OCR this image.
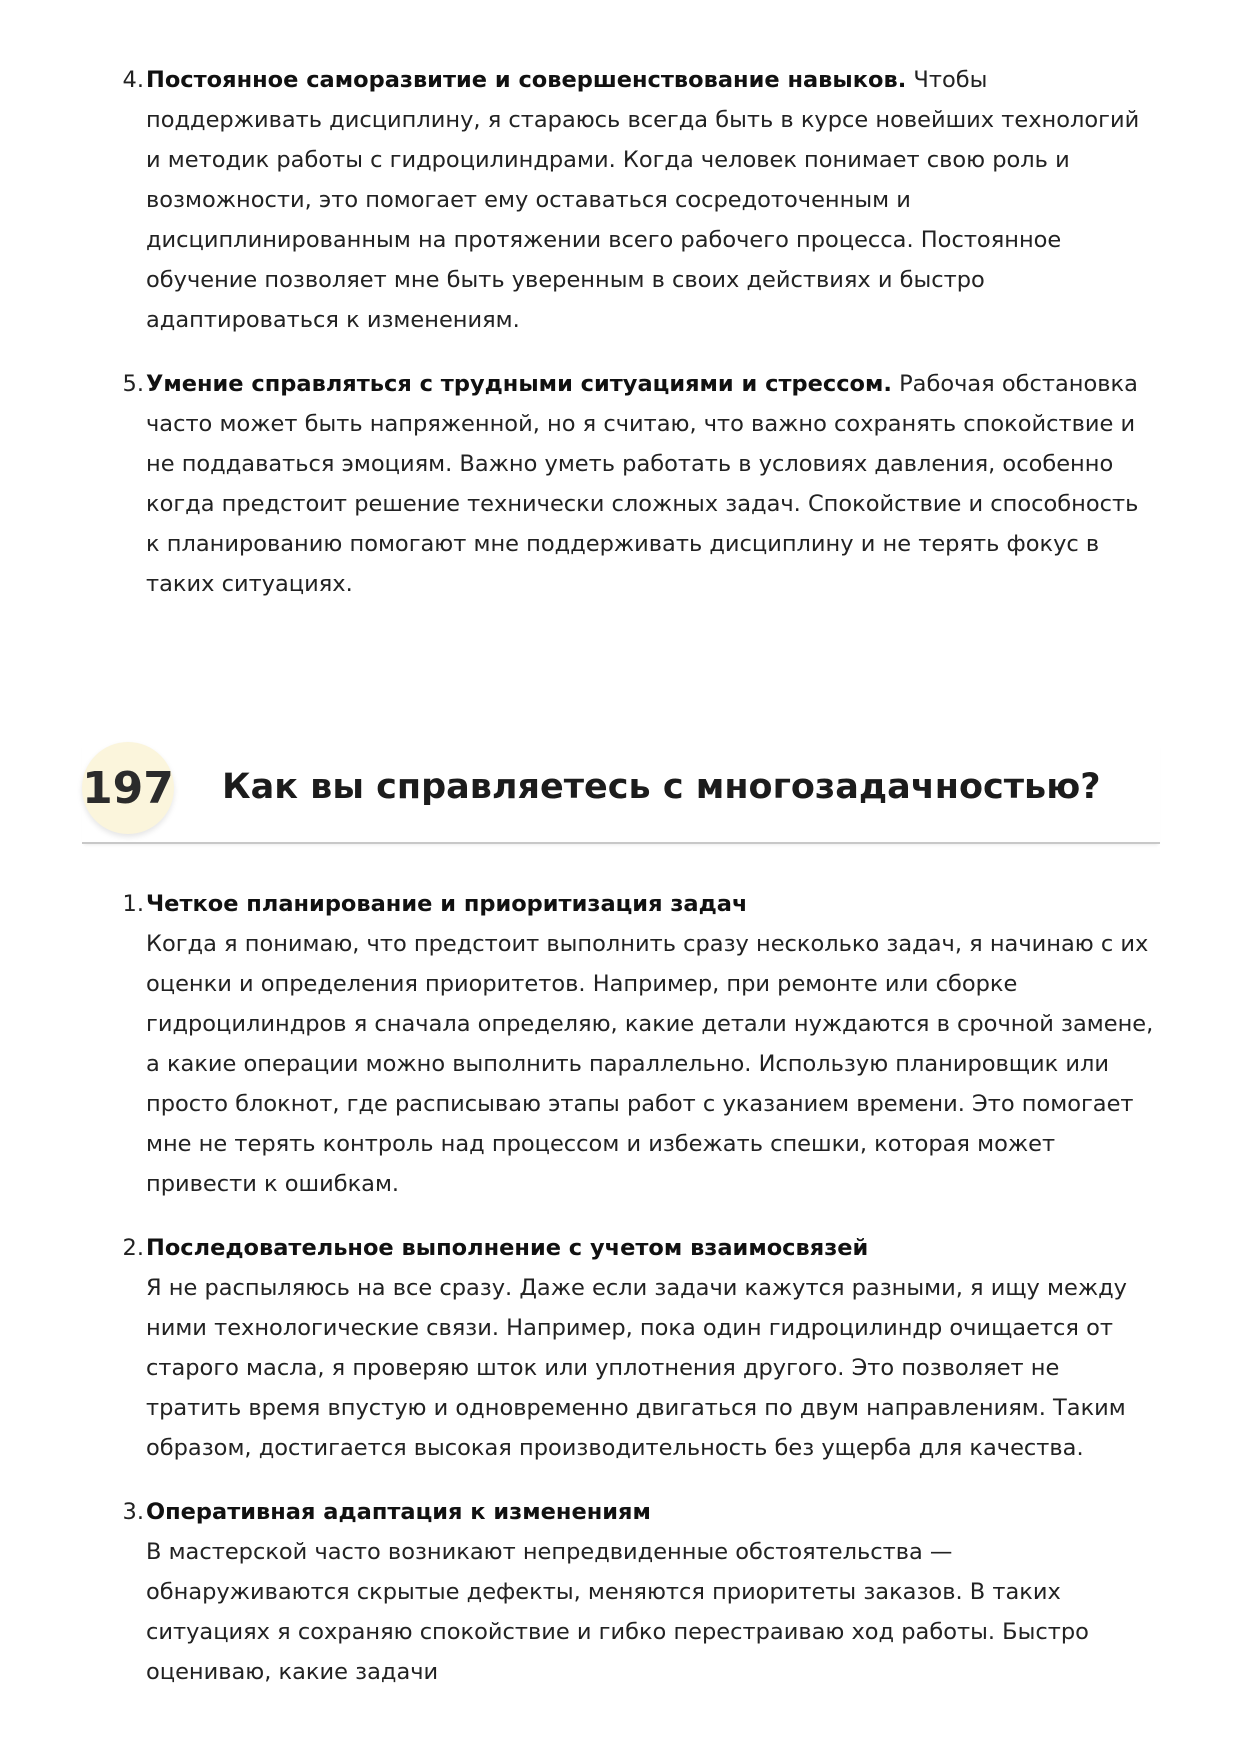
4. Постоянное саморазвитие и совершенствование навыков. Чтобы поддерживать дисциплину, я стараюсь всегда быть в курсе новейших технологий и методик работы с гидроцилиндрами. Когда человек понимает свою роль и возможности, это помогает ему оставаться сосредоточенным и дисциплинированным на протяжении всего рабочего процесса. Постоянное обучение позволяет мне быть уверенным в своих действиях и быстро адаптироваться к изменениям.
5. Умение справляться с трудными ситуациями и стрессом. Рабочая обстановка часто может быть напряженной, но я считаю, что важно сохранять спокойствие и не поддаваться эмоциям. Важно уметь работать в условиях давления, особенно когда предстоит решение технически сложных задач. Спокойствие и способность к планированию помогают мне поддерживать дисциплину и не терять фокус в таких ситуациях.
197 Как вы справляетесь с многозадачностью?
1. Четкое планирование и приоритизация задач
Когда я понимаю, что предстоит выполнить сразу несколько задач, я начинаю с их оценки и определения приоритетов. Например, при ремонте или сборке гидроцилиндров я сначала определяю, какие детали нуждаются в срочной замене, а какие операции можно выполнить параллельно. Использую планировщик или просто блокнот, где расписываю этапы работ с указанием времени. Это помогает мне не терять контроль над процессом и избежать спешки, которая может привести к ошибкам.
2. Последовательное выполнение с учетом взаимосвязей
Я не распыляюсь на все сразу. Даже если задачи кажутся разными, я ищу между ними технологические связи. Например, пока один гидроцилиндр очищается от старого масла, я проверяю шток или уплотнения другого. Это позволяет не тратить время впустую и одновременно двигаться по двум направлениям. Таким образом, достигается высокая производительность без ущерба для качества.
3. Оперативная адаптация к изменениям
В мастерской часто возникают непредвиденные обстоятельства — обнаруживаются скрытые дефекты, меняются приоритеты заказов. В таких ситуациях я сохраняю спокойствие и гибко перестраиваю ход работы. Быстро оцениваю, какие задачи
